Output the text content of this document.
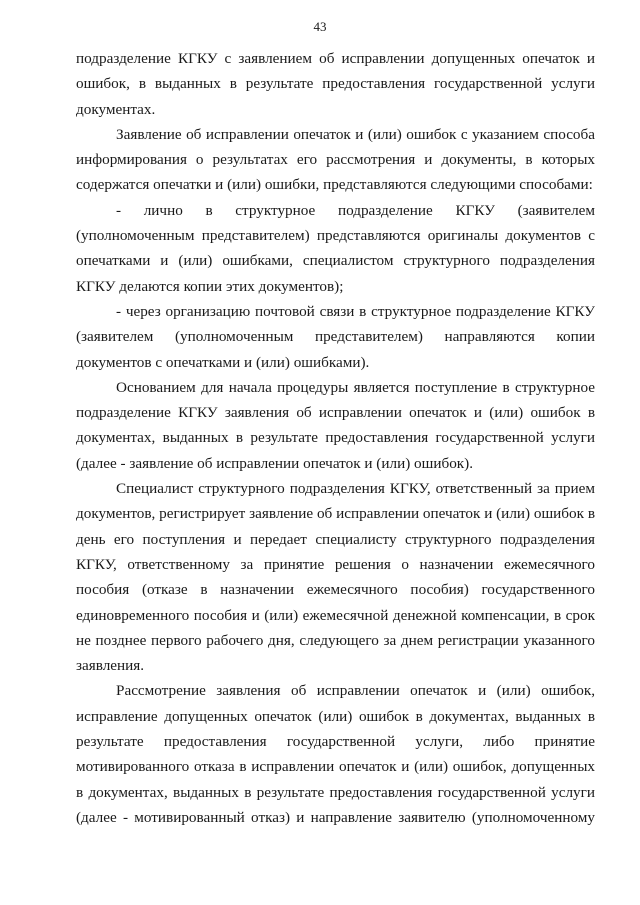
43
подразделение КГКУ с заявлением об исправлении допущенных опечаток и
ошибок, в выданных в результате предоставления государственной услуги
документах.
Заявление об исправлении опечаток и (или) ошибок с указанием способа
информирования о результатах его рассмотрения и документы, в которых
содержатся опечатки и (или) ошибки, представляются следующими способами:
- лично в структурное подразделение КГКУ (заявителем
(уполномоченным представителем) представляются оригиналы документов с
опечатками и (или) ошибками, специалистом структурного подразделения
КГКУ делаются копии этих документов);
- через организацию почтовой связи в структурное подразделение КГКУ
(заявителем (уполномоченным представителем) направляются копии
документов с опечатками и (или) ошибками).
Основанием для начала процедуры является поступление в структурное
подразделение КГКУ заявления об исправлении опечаток и (или) ошибок в
документах, выданных в результате предоставления государственной услуги
(далее - заявление об исправлении опечаток и (или) ошибок).
Специалист структурного подразделения КГКУ, ответственный за прием
документов, регистрирует заявление об исправлении опечаток и (или) ошибок в
день его поступления и передает специалисту структурного подразделения
КГКУ, ответственному за принятие решения о назначении ежемесячного
пособия (отказе в назначении ежемесячного пособия) государственного
единовременного пособия и (или) ежемесячной денежной компенсации, в срок
не позднее первого рабочего дня, следующего за днем регистрации указанного
заявления.
Рассмотрение заявления об исправлении опечаток и (или) ошибок,
исправление допущенных опечаток (или) ошибок в документах, выданных в
результате предоставления государственной услуги, либо принятие
мотивированного отказа в исправлении опечаток и (или) ошибок, допущенных
в документах, выданных в результате предоставления государственной услуги
(далее - мотивированный отказ) и направление заявителю (уполномоченному
